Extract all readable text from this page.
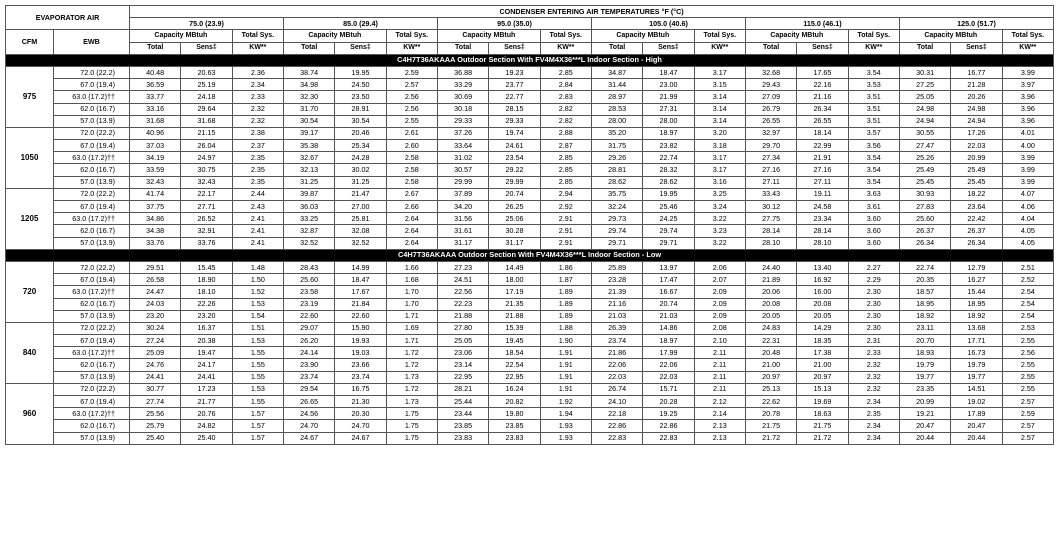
EVAPORATOR AIR		CONDENSER ENTERING AIR TEMPERATURES °F (°C)																	
		75.0 (23.9)			85.0 (29.4)			95.0 (35.0)			105.0 (40.6)			115.0 (46.1)			125.0 (51.7)		
CFM	EWB	Capacity MBtuh		Total Sys.	Capacity MBtuh		Total Sys.	Capacity MBtuh		Total Sys.	Capacity MBtuh		Total Sys.	Capacity MBtuh		Total Sys.	Capacity MBtuh		Total Sys.
		Total	Sens‡	KW**	Total	Sens‡	KW**	Total	Sens‡	KW**	Total	Sens‡	KW**	Total	Sens‡	KW**	Total	Sens‡	KW**
C4H7T36AKAAA Outdoor Section With FV4M4X36***L Indoor Section - High																			
975	72.0 (22.2)	40.48	20.63	2.36	38.74	19.95	2.59	36.88	19.23	2.85	34.87	18.47	3.17	32.68	17.65	3.54	30.31	16.77	3.99
	67.0 (19.4)	36.59	25.19	2.34	34.98	24.50	2.57	33.29	23.77	2.84	31.44	23.00	3.15	29.43	22.16	3.53	27.25	21.28	3.97
	63.0 (17.2)††	33.77	24.18	2.33	32.30	23.50	2.56	30.69	22.77	2.83	28.97	21.99	3.14	27.09	21.16	3.51	25.05	20.26	3.96
	62.0 (16.7)	33.16	29.64	2.32	31.70	28.91	2.56	30.18	28.15	2.82	28.53	27.31	3.14	26.79	26.34	3.51	24.98	24.98	3.96
	57.0 (13.9)	31.68	31.68	2.32	30.54	30.54	2.55	29.33	29.33	2.82	28.00	28.00	3.14	26.55	26.55	3.51	24.94	24.94	3.96
1050	72.0 (22.2)	40.96	21.15	2.38	39.17	20.46	2.61	37.26	19.74	2.88	35.20	18.97	3.20	32.97	18.14	3.57	30.55	17.26	4.01
	67.0 (19.4)	37.03	26.04	2.37	35.38	25.34	2.60	33.64	24.61	2.87	31.75	23.82	3.18	29.70	22.99	3.56	27.47	22.03	4.00
	63.0 (17.2)††	34.19	24.97	2.35	32.67	24.28	2.58	31.02	23.54	2.85	29.26	22.74	3.17	27.34	21.91	3.54	25.26	20.99	3.99
	62.0 (16.7)	33.59	30.75	2.35	32.13	30.02	2.58	30.57	29.22	2.85	28.81	28.32	3.17	27.16	27.16	3.54	25.49	25.49	3.99
	57.0 (13.9)	32.43	32.43	2.35	31.25	31.25	2.58	29.99	29.99	2.85	28.62	28.62	3.16	27.11	27.11	3.54	25.45	25.45	3.99
1205	72.0 (22.2)	41.74	22.17	2.44	39.87	21.47	2.67	37.89	20.74	2.94	35.75	19.95	3.25	33.43	19.11	3.63	30.93	18.22	4.07
	67.0 (19.4)	37.75	27.71	2.43	36.03	27.00	2.66	34.20	26.25	2.92	32.24	25.46	3.24	30.12	24.58	3.61	27.83	23.64	4.06
	63.0 (17.2)††	34.86	26.52	2.41	33.25	25.81	2.64	31.56	25.06	2.91	29.73	24.25	3.22	27.75	23.34	3.60	25.60	22.42	4.04
	62.0 (16.7)	34.38	32.91	2.41	32.87	32.08	2.64	31.61	30.28	2.91	29.74	29.74	3.23	28.14	28.14	3.60	26.37	26.37	4.05
	57.0 (13.9)	33.76	33.76	2.41	32.52	32.52	2.64	31.17	31.17	2.91	29.71	29.71	3.22	28.10	28.10	3.60	26.34	26.34	4.05
C4H7T36AKAAA Outdoor Section With FV4M4X36***L Indoor Section - Low																			
720	72.0 (22.2)	29.51	15.45	1.48	28.43	14.99	1.66	27.23	14.49	1.86	25.89	13.97	2.06	24.40	13.40	2.27	22.74	12.79	2.51
	67.0 (19.4)	26.58	18.90	1.50	25.60	18.47	1.68	24.51	18.00	1.87	23.28	17.47	2.07	21.89	16.92	2.29	20.35	16.27	2.52
	63.0 (17.2)††	24.47	18.10	1.52	23.58	17.67	1.70	22.56	17.19	1.89	21.39	16.67	2.09	20.06	16.00	2.30	18.57	15.44	2.54
	62.0 (16.7)	24.03	22.26	1.53	23.19	21.84	1.70	22.23	21.35	1.89	21.16	20.74	2.09	20.08	20.08	2.30	18.95	18.95	2.54
	57.0 (13.9)	23.20	23.20	1.54	22.60	22.60	1.71	21.88	21.88	1.89	21.03	21.03	2.09	20.05	20.05	2.30	18.92	18.92	2.54
840	72.0 (22.2)	30.24	16.37	1.51	29.07	15.90	1.69	27.80	15.39	1.88	26.39	14.86	2.08	24.83	14.29	2.30	23.11	13.68	2.53
	67.0 (19.4)	27.24	20.38	1.53	26.20	19.93	1.71	25.05	19.45	1.90	23.74	18.97	2.10	22.31	18.35	2.31	20.70	17.71	2.55
	63.0 (17.2)††	25.09	19.47	1.55	24.14	19.03	1.72	23.06	18.54	1.91	21.86	17.99	2.11	20.48	17.38	2.33	18.93	16.73	2.56
	62.0 (16.7)	24.76	24.17	1.55	23.90	23.66	1.72	23.14	22.54	1.91	22.06	22.06	2.11	21.00	21.00	2.32	19.79	19.79	2.55
	57.0 (13.9)	24.41	24.41	1.55	23.74	23.74	1.73	22.95	22.95	1.91	22.03	22.03	2.11	20.97	20.97	2.32	19.77	19.77	2.55
960	72.0 (22.2)	30.77	17.23	1.53	29.54	16.75	1.72	28.21	16.24	1.91	26.74	15.71	2.11	25.13	15.13	2.32	23.35	14.51	2.55
	67.0 (19.4)	27.74	21.77	1.55	26.65	21.30	1.73	25.44	20.82	1.92	24.10	20.28	2.12	22.62	19.69	2.34	20.99	19.02	2.57
	63.0 (17.2)††	25.56	20.76	1.57	24.56	20.30	1.75	23.44	19.80	1.94	22.18	19.25	2.14	20.78	18.63	2.35	19.21	17.89	2.59
	62.0 (16.7)	25.79	24.82	1.57	24.70	24.70	1.75	23.85	23.85	1.93	22.86	22.86	2.13	21.75	21.75	2.34	20.47	20.47	2.57
	57.0 (13.9)	25.40	25.40	1.57	24.67	24.67	1.75	23.83	23.83	1.93	22.83	22.83	2.13	21.72	21.72	2.34	20.44	20.44	2.57
